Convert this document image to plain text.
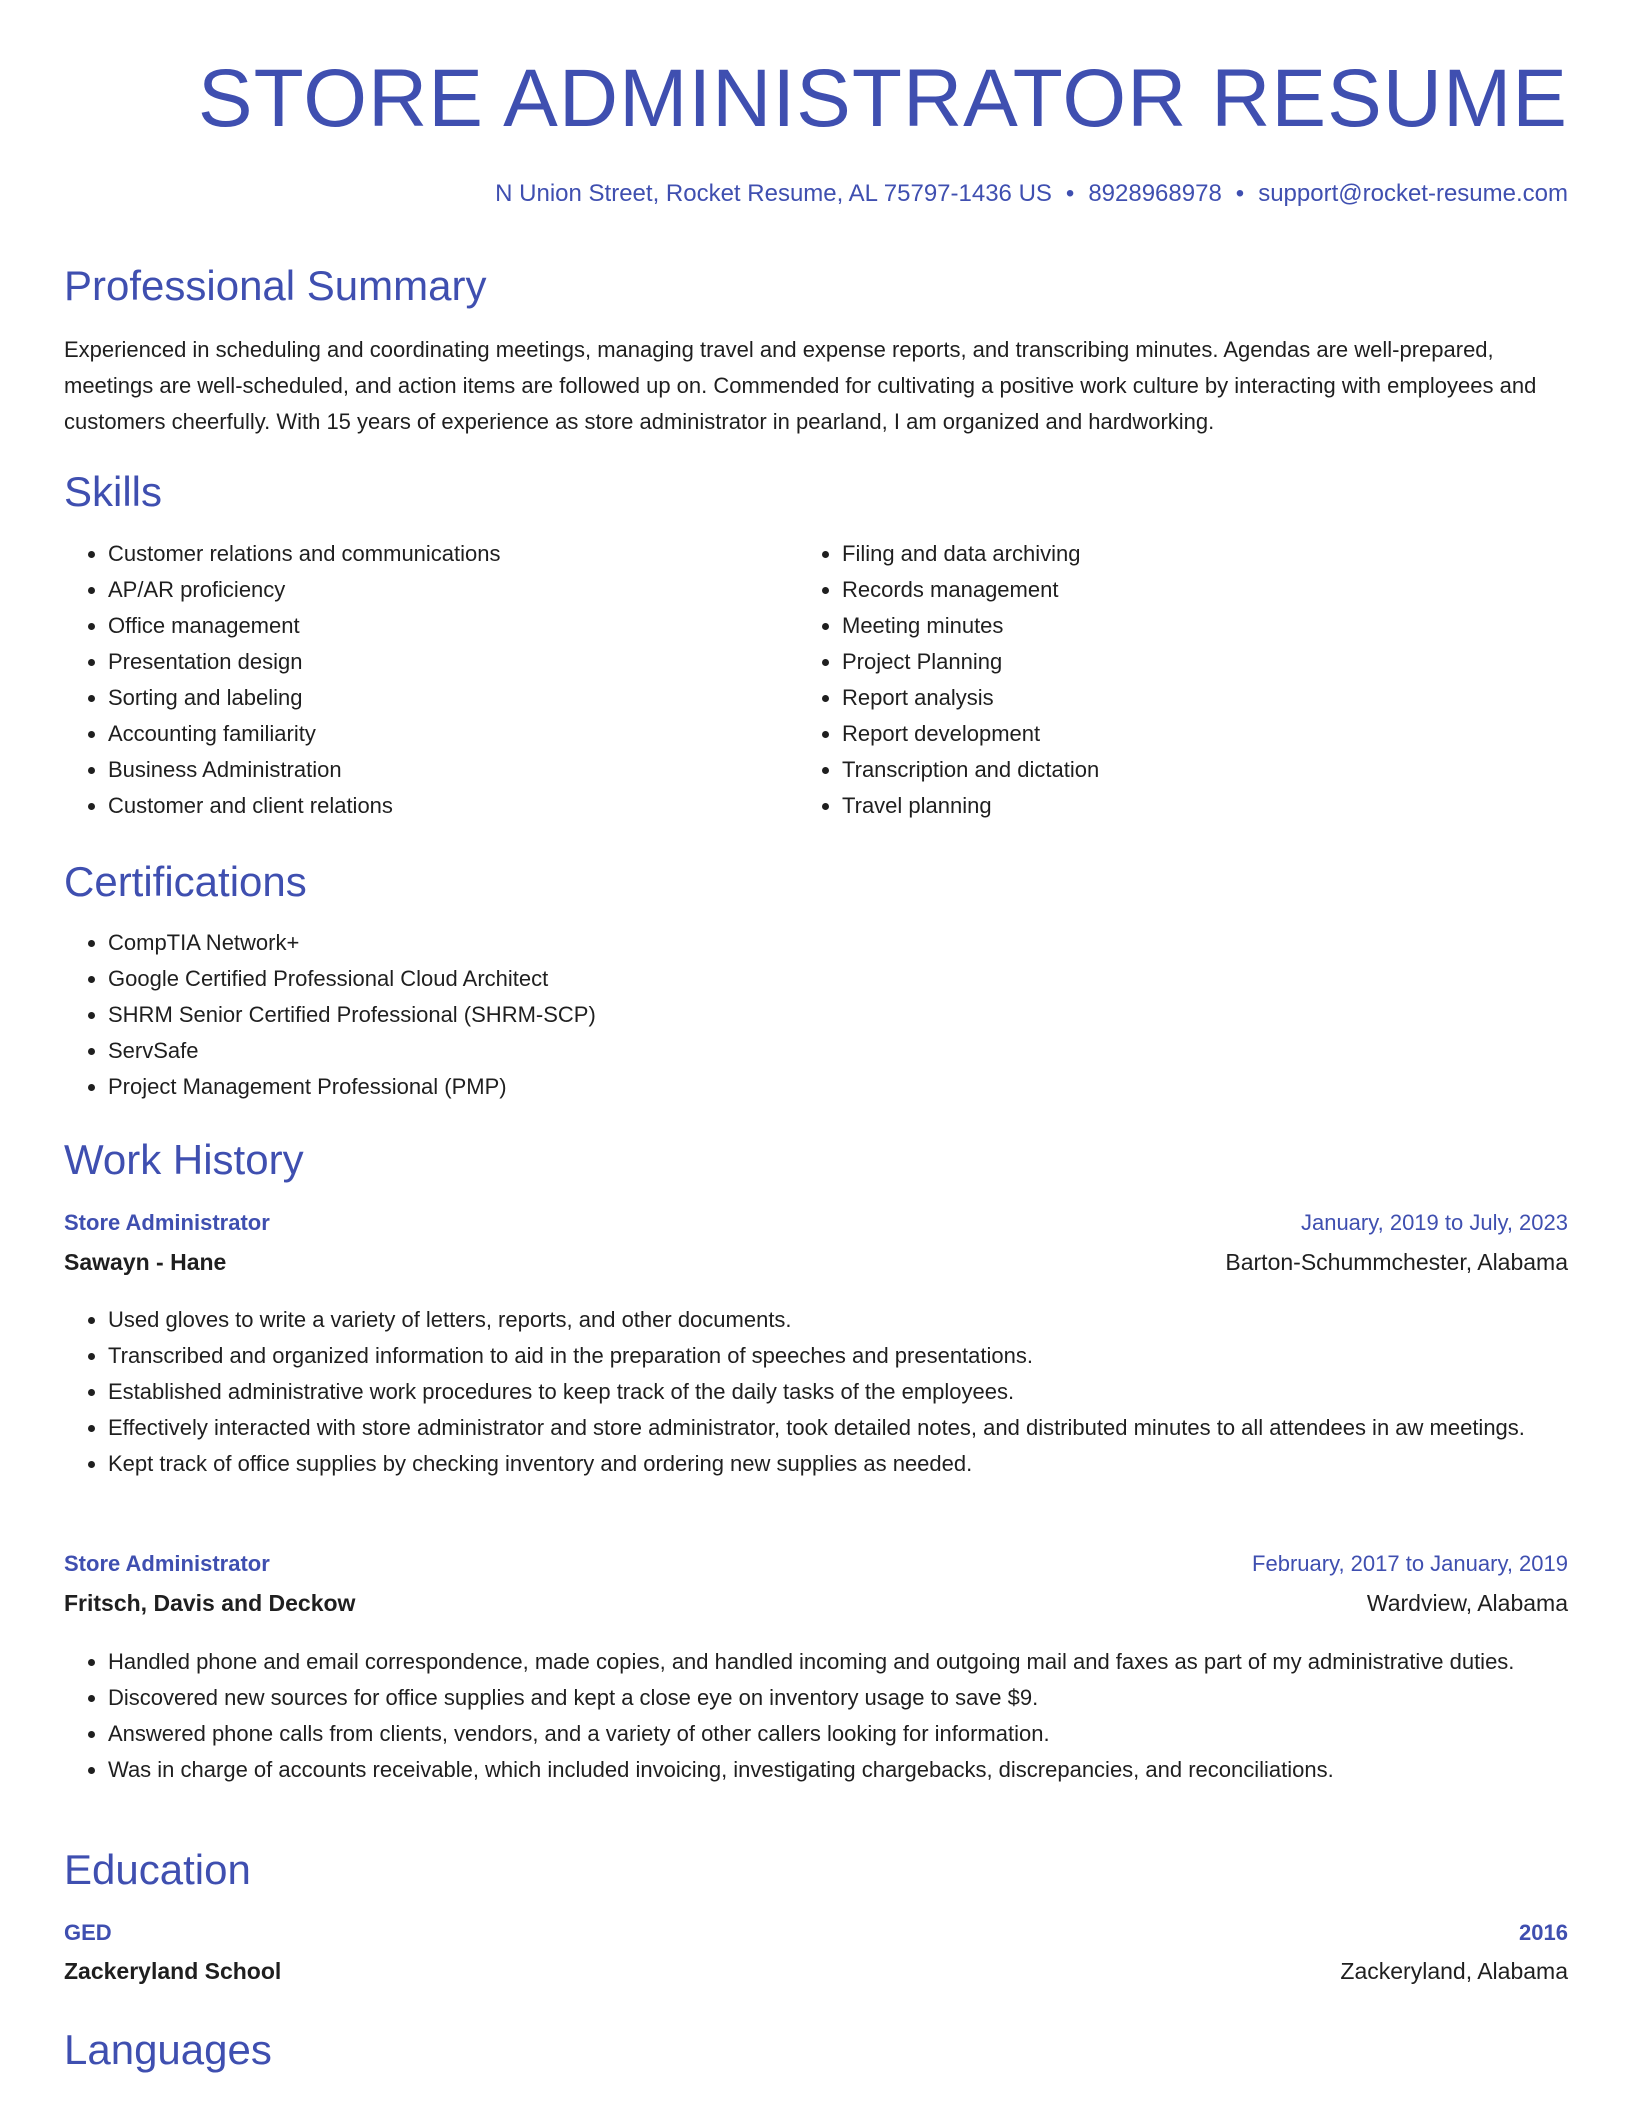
STORE ADMINISTRATOR RESUME
N Union Street, Rocket Resume, AL 75797-1436 US • 8928968978 • support@rocket-resume.com
Professional Summary
Experienced in scheduling and coordinating meetings, managing travel and expense reports, and transcribing minutes. Agendas are well-prepared, meetings are well-scheduled, and action items are followed up on. Commended for cultivating a positive work culture by interacting with employees and customers cheerfully. With 15 years of experience as store administrator in pearland, I am organized and hardworking.
Skills
• Customer relations and communications
• AP/AR proficiency
• Office management
• Presentation design
• Sorting and labeling
• Accounting familiarity
• Business Administration
• Customer and client relations
• Filing and data archiving
• Records management
• Meeting minutes
• Project Planning
• Report analysis
• Report development
• Transcription and dictation
• Travel planning
Certifications
• CompTIA Network+
• Google Certified Professional Cloud Architect
• SHRM Senior Certified Professional (SHRM-SCP)
• ServSafe
• Project Management Professional (PMP)
Work History
Store Administrator	January, 2019 to July, 2023
Sawayn - Hane	Barton-Schummchester, Alabama
• Used gloves to write a variety of letters, reports, and other documents.
• Transcribed and organized information to aid in the preparation of speeches and presentations.
• Established administrative work procedures to keep track of the daily tasks of the employees.
• Effectively interacted with store administrator and store administrator, took detailed notes, and distributed minutes to all attendees in aw meetings.
• Kept track of office supplies by checking inventory and ordering new supplies as needed.
Store Administrator	February, 2017 to January, 2019
Fritsch, Davis and Deckow	Wardview, Alabama
• Handled phone and email correspondence, made copies, and handled incoming and outgoing mail and faxes as part of my administrative duties.
• Discovered new sources for office supplies and kept a close eye on inventory usage to save $9.
• Answered phone calls from clients, vendors, and a variety of other callers looking for information.
• Was in charge of accounts receivable, which included invoicing, investigating chargebacks, discrepancies, and reconciliations.
Education
GED	2016
Zackeryland School	Zackeryland, Alabama
Languages
